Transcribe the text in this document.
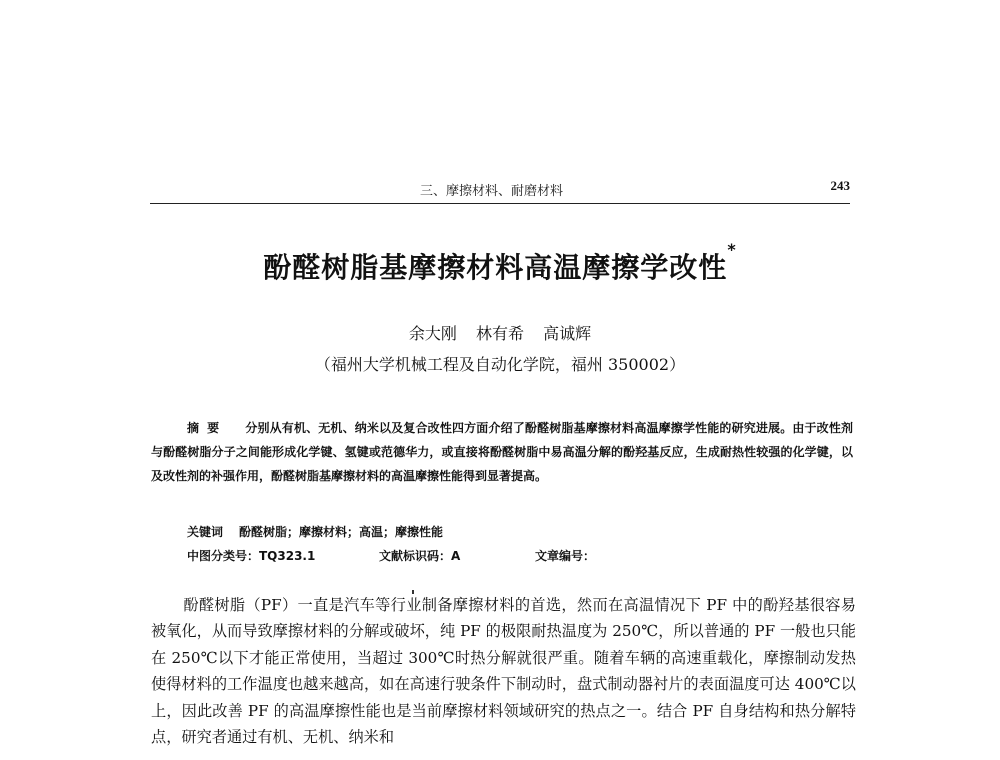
三、摩擦材料、耐磨材料	243
酚醛树脂基摩擦材料高温摩擦学改性*
余大刚 林有希 高诚辉
（福州大学机械工程及自动化学院，福州 350002）
摘要 分别从有机、无机、纳米以及复合改性四方面介绍了酚醛树脂基摩擦材料高温摩擦学性能的研究进展。由于改性剂与酚醛树脂分子之间能形成化学键、氢键或范德华力，或直接将酚醛树脂中易高温分解的酚羟基反应，生成耐热性较强的化学键，以及改性剂的补强作用，酚醛树脂基摩擦材料的高温摩擦性能得到显著提高。
关键词 酚醛树脂；摩擦材料；高温；摩擦性能
中图分类号：TQ323.1	文献标识码：A	文章编号：
酚醛树脂（PF）一直是汽车等行业制备摩擦材料的首选，然而在高温情况下 PF 中的酚羟基很容易被氧化，从而导致摩擦材料的分解或破坏，纯 PF 的极限耐热温度为 250℃，所以普通的 PF 一般也只能在 250℃以下才能正常使用，当超过 300℃时热分解就很严重。随着车辆的高速重载化，摩擦制动发热使得材料的工作温度也越来越高，如在高速行驶条件下制动时，盘式制动器衬片的表面温度可达 400℃以上，因此改善 PF 的高温摩擦性能也是当前摩擦材料领域研究的热点之一。结合 PF 自身结构和热分解特点，研究者通过有机、无机、纳米和
